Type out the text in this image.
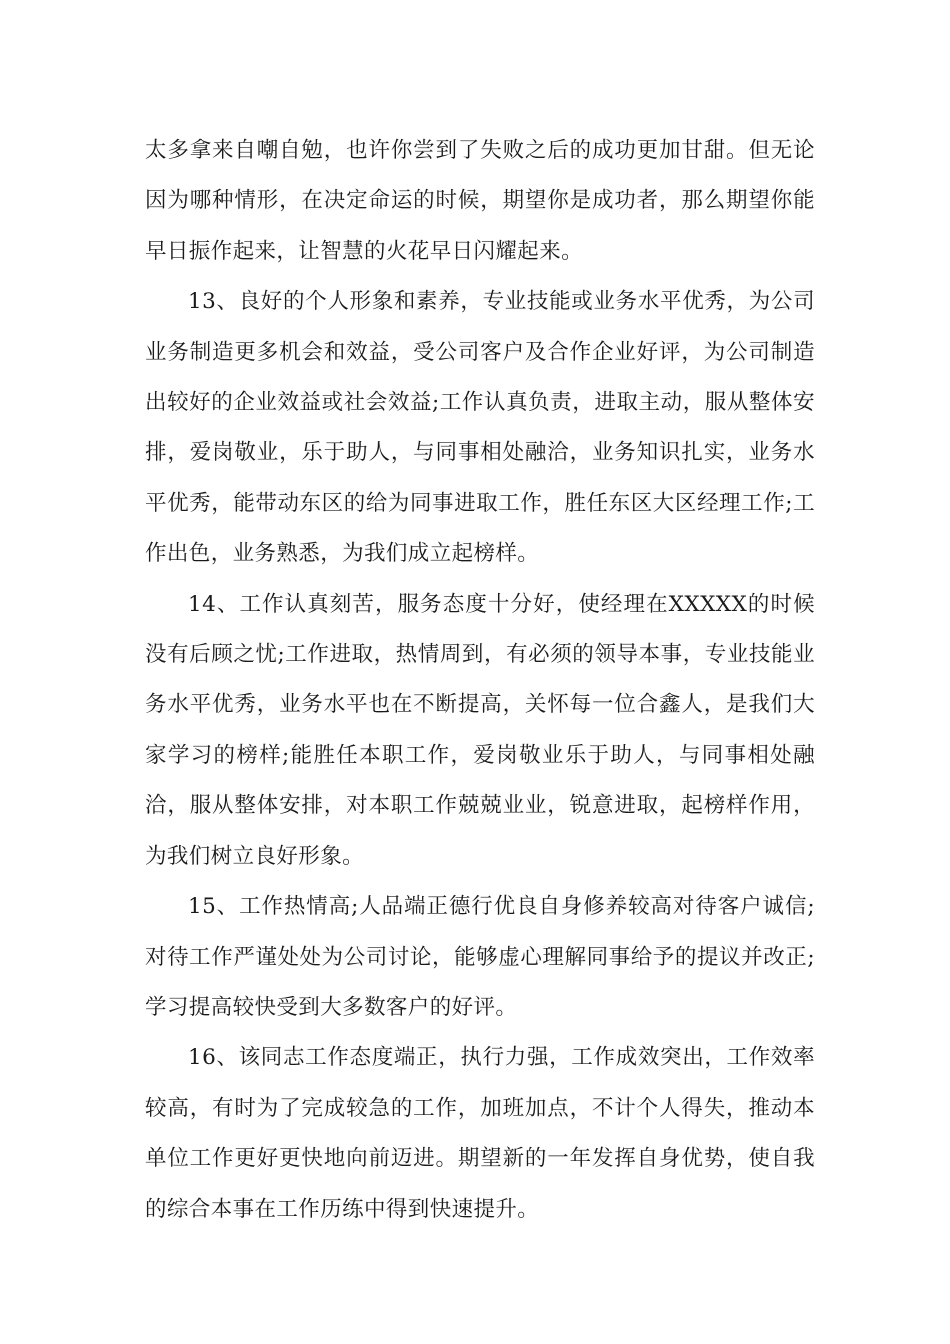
太多拿来自嘲自勉，也许你尝到了失败之后的成功更加甘甜。但无论因为哪种情形，在决定命运的时候，期望你是成功者，那么期望你能早日振作起来，让智慧的火花早日闪耀起来。

13、良好的个人形象和素养，专业技能或业务水平优秀，为公司业务制造更多机会和效益，受公司客户及合作企业好评，为公司制造出较好的企业效益或社会效益;工作认真负责，进取主动，服从整体安排，爱岗敬业，乐于助人，与同事相处融洽，业务知识扎实，业务水平优秀，能带动东区的给为同事进取工作，胜任东区大区经理工作;工作出色，业务熟悉，为我们成立起榜样。

14、工作认真刻苦，服务态度十分好，使经理在XXXXX的时候没有后顾之忧;工作进取，热情周到，有必须的领导本事，专业技能业务水平优秀，业务水平也在不断提高，关怀每一位合鑫人，是我们大家学习的榜样;能胜任本职工作，爱岗敬业乐于助人，与同事相处融洽，服从整体安排，对本职工作兢兢业业，锐意进取，起榜样作用，为我们树立良好形象。

15、工作热情高;人品端正德行优良自身修养较高对待客户诚信;对待工作严谨处处为公司讨论，能够虚心理解同事给予的提议并改正;学习提高较快受到大多数客户的好评。

16、该同志工作态度端正，执行力强，工作成效突出，工作效率较高，有时为了完成较急的工作，加班加点，不计个人得失，推动本单位工作更好更快地向前迈进。期望新的一年发挥自身优势，使自我的综合本事在工作历练中得到快速提升。
